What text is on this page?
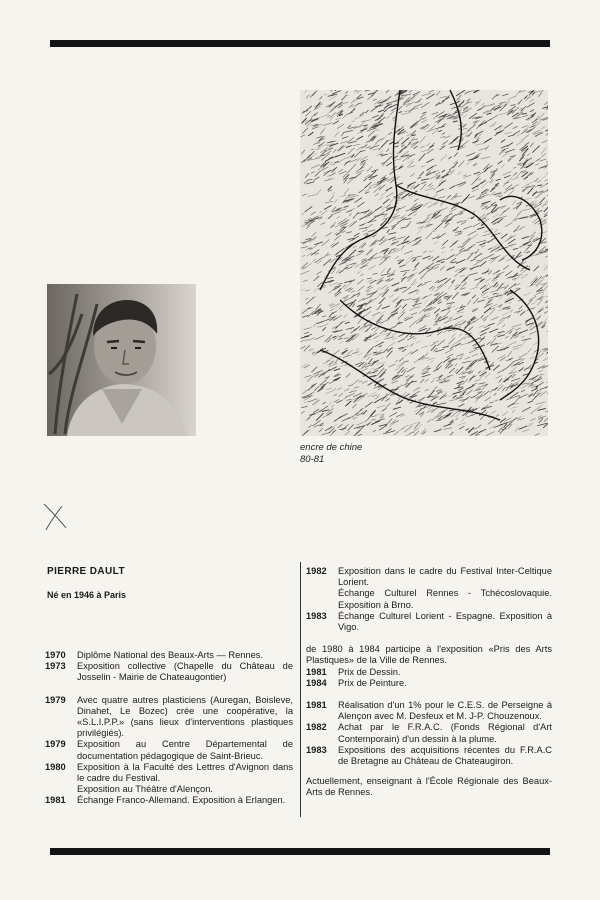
encre de chine
80-81
PIERRE DAULT
Né en 1946 à Paris
1970	Diplôme National des Beaux-Arts — Rennes.
1973	Exposition collective (Chapelle du Château de Josselin - Mairie de Chateaugontier)
1979	Avec quatre autres plasticiens (Auregan, Boisleve, Dinahet, Le Bozec) crée une coopérative, la «S.L.I.P.P.» (sans lieux d'interventions plastiques privilégiés).
1979	Exposition au Centre Départemental de documentation pédagogique de Saint-Brieuc.
1980	Exposition à la Faculté des Lettres d'Avignon dans le cadre du Festival.
Exposition au Théâtre d'Alençon.
1981	Échange Franco-Allemand. Exposition à Erlangen.
1982	Exposition dans le cadre du Festival Inter-Celtique Lorient.
Échange Culturel Rennes - Tchécoslovaquie. Exposition à Brno.
1983	Échange Culturel Lorient - Espagne. Exposition à Vigo.
de 1980 à 1984 participe à l'exposition «Pris des Arts Plastiques» de la Ville de Rennes.
1981	Prix de Dessin.
1984	Prix de Peinture.
1981	Réalisation d'un 1% pour le C.E.S. de Perseigne à Alençon avec M. Desfeux et M. J-P. Chouzenoux.
1982	Achat par le F.R.A.C. (Fonds Régional d'Art Contemporain) d'un dessin à la plume.
1983	Expositions des acquisitions récentes du F.R.A.C de Bretagne au Château de Chateaugiron.
Actuellement, enseignant à l'École Régionale des Beaux-Arts de Rennes.
